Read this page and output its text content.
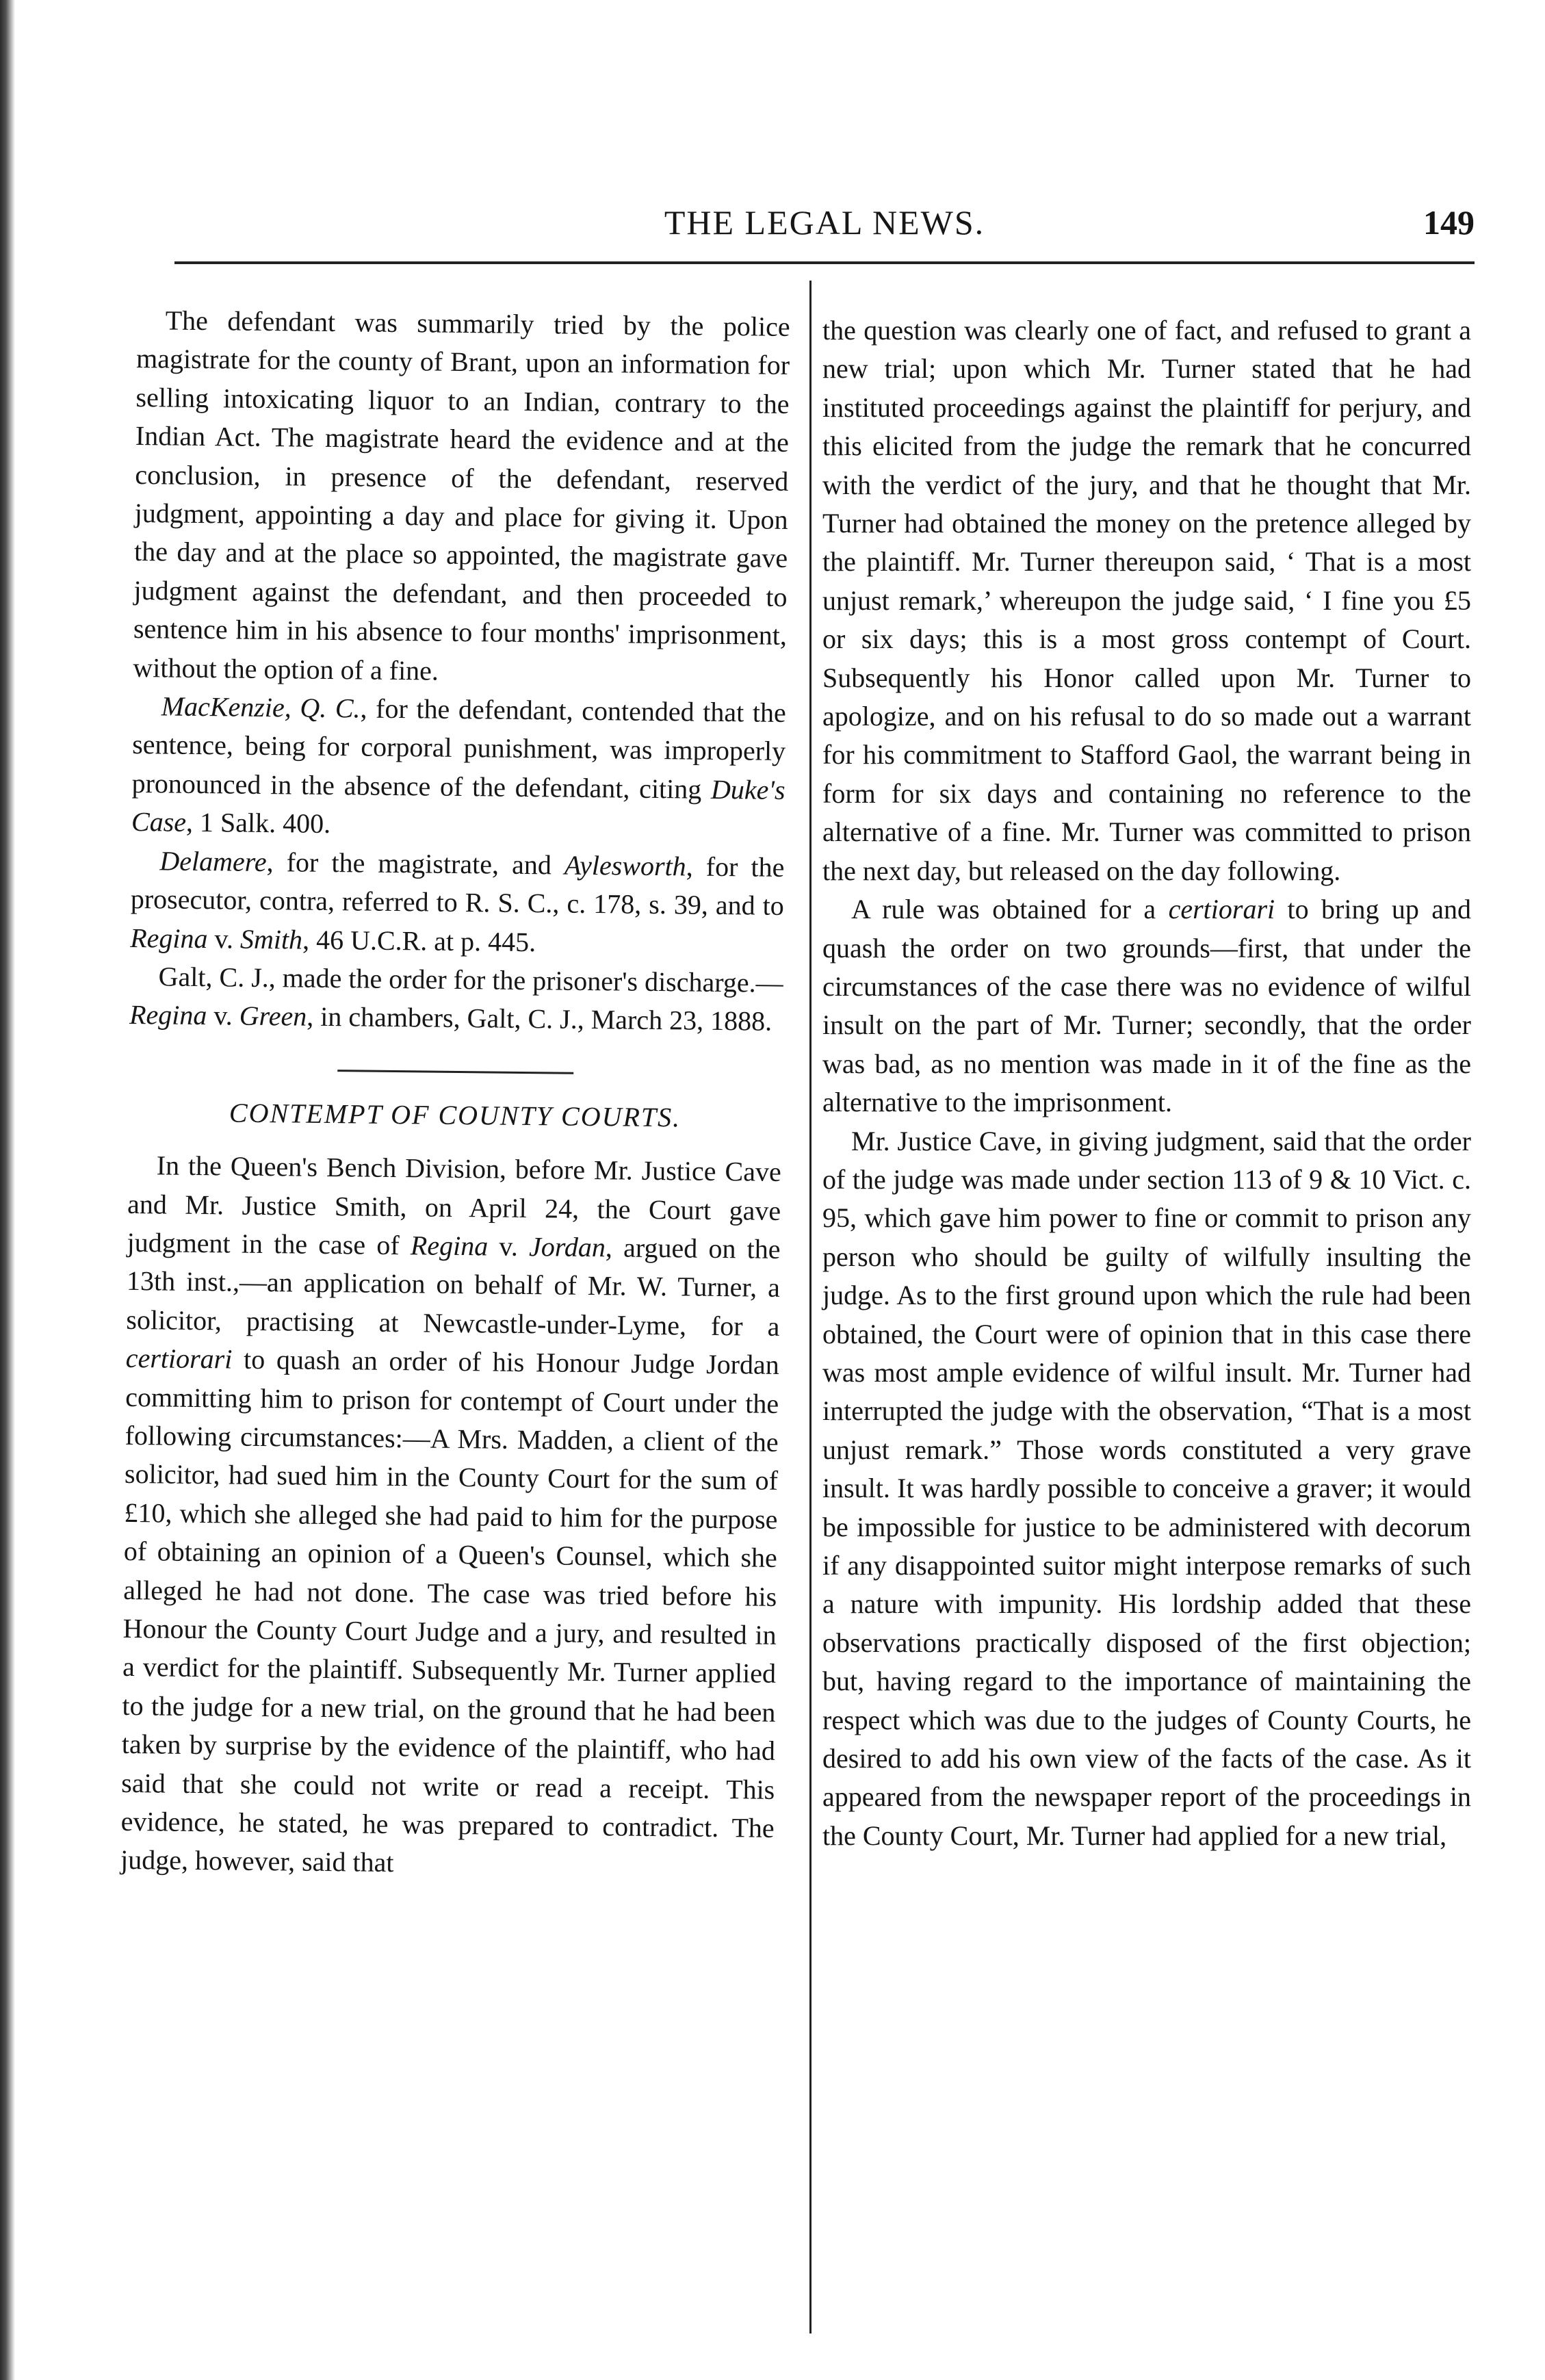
THE LEGAL NEWS.	149

The defendant was summarily tried by the police magistrate for the county of Brant, upon an information for selling intoxicating liquor to an Indian, contrary to the Indian Act. The magistrate heard the evidence and at the conclusion, in presence of the defendant, reserved judgment, appointing a day and place for giving it. Upon the day and at the place so appointed, the magistrate gave judgment against the defendant, and then proceeded to sentence him in his absence to four months' imprisonment, without the option of a fine.

MacKenzie, Q. C., for the defendant, contended that the sentence, being for corporal punishment, was improperly pronounced in the absence of the defendant, citing Duke's Case, 1 Salk. 400.

Delamere, for the magistrate, and Aylesworth, for the prosecutor, contra, referred to R. S. C., c. 178, s. 39, and to Regina v. Smith, 46 U.C.R. at p. 445.

Galt, C. J., made the order for the prisoner's discharge.—Regina v. Green, in chambers, Galt, C. J., March 23, 1888.

CONTEMPT OF COUNTY COURTS.

In the Queen's Bench Division, before Mr. Justice Cave and Mr. Justice Smith, on April 24, the Court gave judgment in the case of Regina v. Jordan, argued on the 13th inst.,—an application on behalf of Mr. W. Turner, a solicitor, practising at Newcastle-under-Lyme, for a certiorari to quash an order of his Honour Judge Jordan committing him to prison for contempt of Court under the following circumstances:—A Mrs. Madden, a client of the solicitor, had sued him in the County Court for the sum of £10, which she alleged she had paid to him for the purpose of obtaining an opinion of a Queen's Counsel, which she alleged he had not done. The case was tried before his Honour the County Court Judge and a jury, and resulted in a verdict for the plaintiff. Subsequently Mr. Turner applied to the judge for a new trial, on the ground that he had been taken by surprise by the evidence of the plaintiff, who had said that she could not write or read a receipt. This evidence, he stated, he was prepared to contradict. The judge, however, said that

the question was clearly one of fact, and refused to grant a new trial; upon which Mr. Turner stated that he had instituted proceedings against the plaintiff for perjury, and this elicited from the judge the remark that he concurred with the verdict of the jury, and that he thought that Mr. Turner had obtained the money on the pretence alleged by the plaintiff. Mr. Turner thereupon said, ‘ That is a most unjust remark,’ whereupon the judge said, ‘ I fine you £5 or six days; this is a most gross contempt of Court. Subsequently his Honor called upon Mr. Turner to apologize, and on his refusal to do so made out a warrant for his commitment to Stafford Gaol, the warrant being in form for six days and containing no reference to the alternative of a fine. Mr. Turner was committed to prison the next day, but released on the day following.

A rule was obtained for a certiorari to bring up and quash the order on two grounds—first, that under the circumstances of the case there was no evidence of wilful insult on the part of Mr. Turner; secondly, that the order was bad, as no mention was made in it of the fine as the alternative to the imprisonment.

Mr. Justice Cave, in giving judgment, said that the order of the judge was made under section 113 of 9 & 10 Vict. c. 95, which gave him power to fine or commit to prison any person who should be guilty of wilfully insulting the judge. As to the first ground upon which the rule had been obtained, the Court were of opinion that in this case there was most ample evidence of wilful insult. Mr. Turner had interrupted the judge with the observation, “That is a most unjust remark.” Those words constituted a very grave insult. It was hardly possible to conceive a graver; it would be impossible for justice to be administered with decorum if any disappointed suitor might interpose remarks of such a nature with impunity. His lordship added that these observations practically disposed of the first objection; but, having regard to the importance of maintaining the respect which was due to the judges of County Courts, he desired to add his own view of the facts of the case. As it appeared from the newspaper report of the proceedings in the County Court, Mr. Turner had applied for a new trial,
